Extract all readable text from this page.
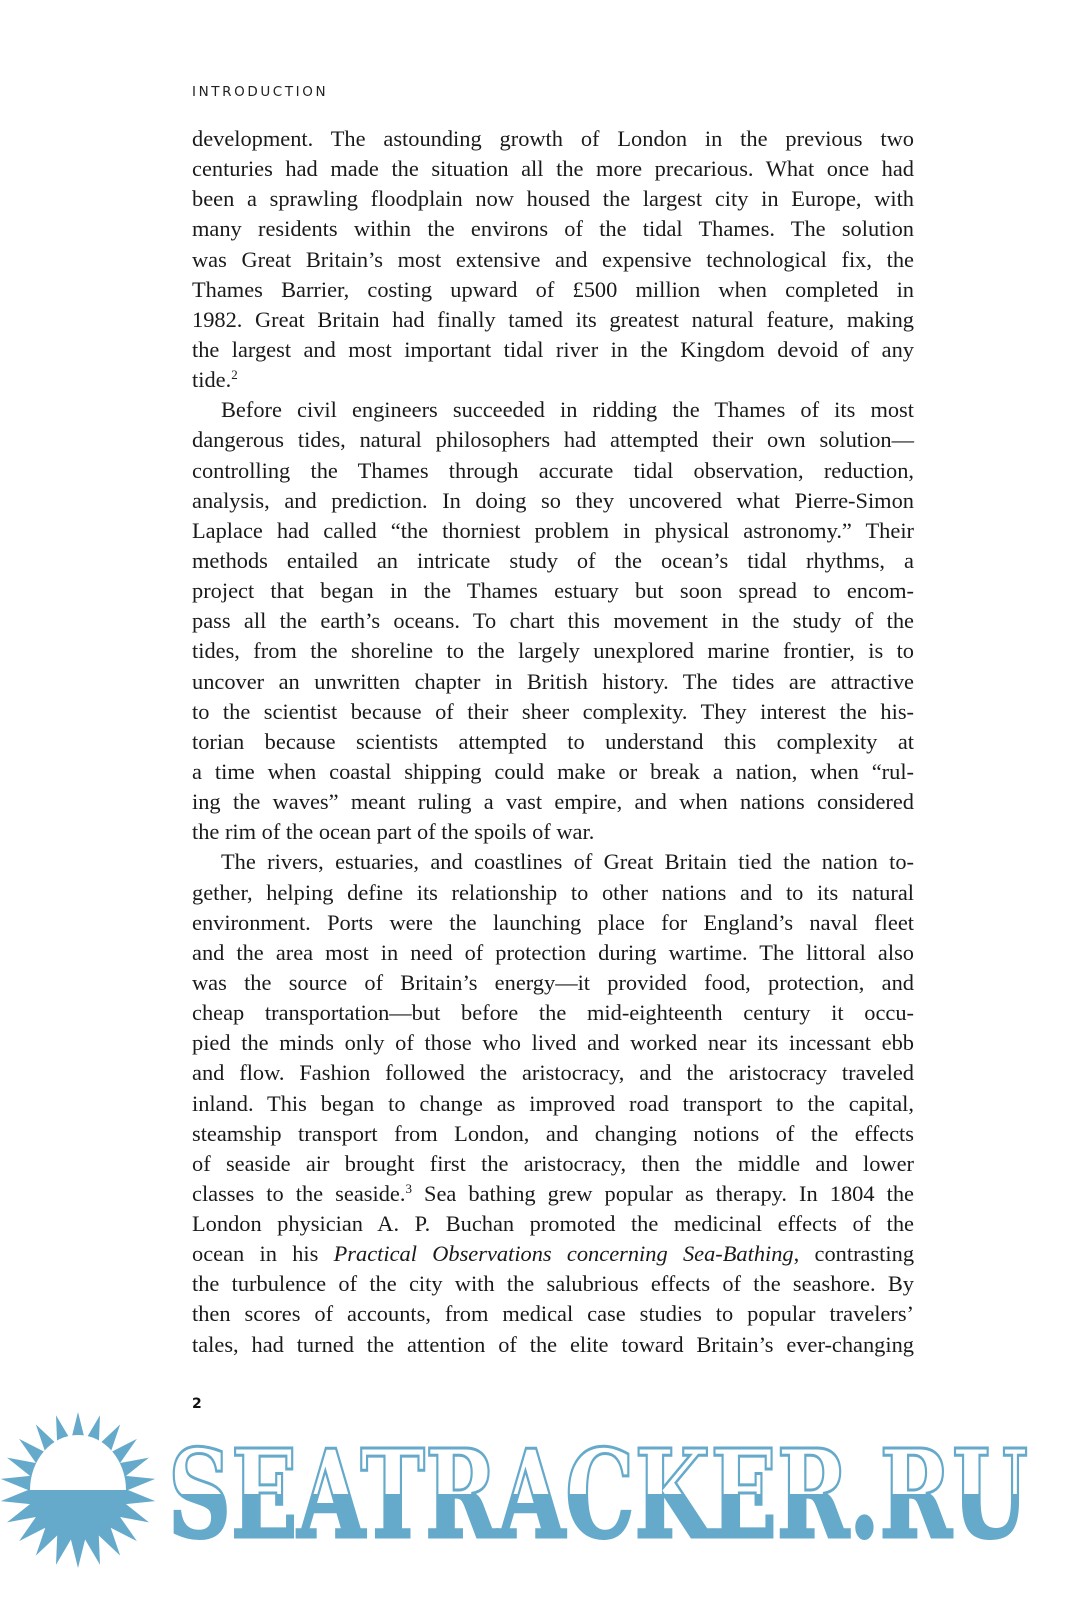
INTRODUCTION
development. The astounding growth of London in the previous two
centuries had made the situation all the more precarious. What once had
been a sprawling floodplain now housed the largest city in Europe, with
many residents within the environs of the tidal Thames. The solution
was Great Britain’s most extensive and expensive technological fix, the
Thames Barrier, costing upward of £500 million when completed in
1982. Great Britain had finally tamed its greatest natural feature, making
the largest and most important tidal river in the Kingdom devoid of any
tide.$^2$
Before civil engineers succeeded in ridding the Thames of its most
dangerous tides, natural philosophers had attempted their own solution—
controlling the Thames through accurate tidal observation, reduction,
analysis, and prediction. In doing so they uncovered what Pierre-Simon
Laplace had called “the thorniest problem in physical astronomy.” Their
methods entailed an intricate study of the ocean’s tidal rhythms, a
project that began in the Thames estuary but soon spread to encom-
pass all the earth’s oceans. To chart this movement in the study of the
tides, from the shoreline to the largely unexplored marine frontier, is to
uncover an unwritten chapter in British history. The tides are attractive
to the scientist because of their sheer complexity. They interest the his-
torian because scientists attempted to understand this complexity at
a time when coastal shipping could make or break a nation, when “rul-
ing the waves” meant ruling a vast empire, and when nations considered
the rim of the ocean part of the spoils of war.
The rivers, estuaries, and coastlines of Great Britain tied the nation to-
gether, helping define its relationship to other nations and to its natural
environment. Ports were the launching place for England’s naval fleet
and the area most in need of protection during wartime. The littoral also
was the source of Britain’s energy—it provided food, protection, and
cheap transportation—but before the mid-eighteenth century it occu-
pied the minds only of those who lived and worked near its incessant ebb
and flow. Fashion followed the aristocracy, and the aristocracy traveled
inland. This began to change as improved road transport to the capital,
steamship transport from London, and changing notions of the effects
of seaside air brought first the aristocracy, then the middle and lower
classes to the seaside.$^3$ Sea bathing grew popular as therapy. In 1804 the
London physician A. P. Buchan promoted the medicinal effects of the
ocean in his Practical Observations concerning Sea-Bathing, contrasting
the turbulence of the city with the salubrious effects of the seashore. By
then scores of accounts, from medical case studies to popular travelers’
tales, had turned the attention of the elite toward Britain’s ever-changing
2
SEATRACKER.RU
